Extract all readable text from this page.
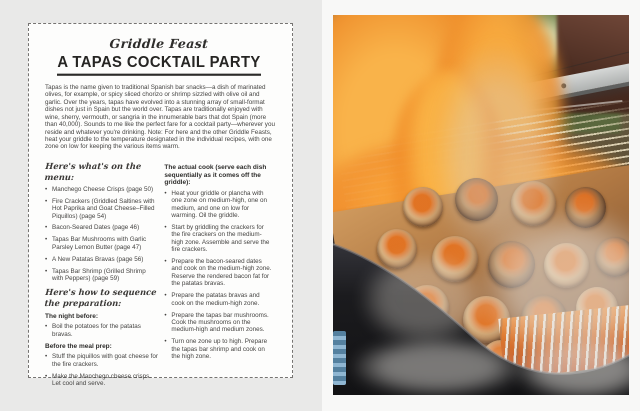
Griddle Feast
A TAPAS COCKTAIL PARTY

Tapas is the name given to traditional Spanish bar snacks—a dish of marinated olives, for example, or spicy sliced chorizo or shrimp sizzled with olive oil and garlic. Over the years, tapas have evolved into a stunning array of small-format dishes not just in Spain but the world over. Tapas are traditionally enjoyed with wine, sherry, vermouth, or sangria in the innumerable bars that dot Spain (more than 40,000). Sounds to me like the perfect fare for a cocktail party—wherever you reside and whatever you're drinking. Note: For here and the other Griddle Feasts, heat your griddle to the temperature designated in the individual recipes, with one zone on low for keeping the various items warm.

Here's what's on the menu:
• Manchego Cheese Crisps (page 50)
• Fire Crackers (Griddled Saltines with Hot Paprika and Goat Cheese–Filled Piquillos) (page 54)
• Bacon-Seared Dates (page 46)
• Tapas Bar Mushrooms with Garlic Parsley Lemon Butter (page 47)
• A New Patatas Bravas (page 56)
• Tapas Bar Shrimp (Grilled Shrimp with Peppers) (page 59)
Here's how to sequence the preparation:
The night before:
• Boil the potatoes for the patatas bravas.
Before the meal prep:
• Stuff the piquillos with goat cheese for the fire crackers.
• Make the Manchego cheese crisps. Let cool and serve.
The actual cook (serve each dish sequentially as it comes off the griddle):
• Heat your griddle or plancha with one zone on medium-high, one on medium, and one on low for warming. Oil the griddle.
• Start by griddling the crackers for the fire crackers on the medium-high zone. Assemble and serve the fire crackers.
• Prepare the bacon-seared dates and cook on the medium-high zone. Reserve the rendered bacon fat for the patatas bravas.
• Prepare the patatas bravas and cook on the medium-high zone.
• Prepare the tapas bar mushrooms. Cook the mushrooms on the medium-high and medium zones.
• Turn one zone up to high. Prepare the tapas bar shrimp and cook on the high zone.
